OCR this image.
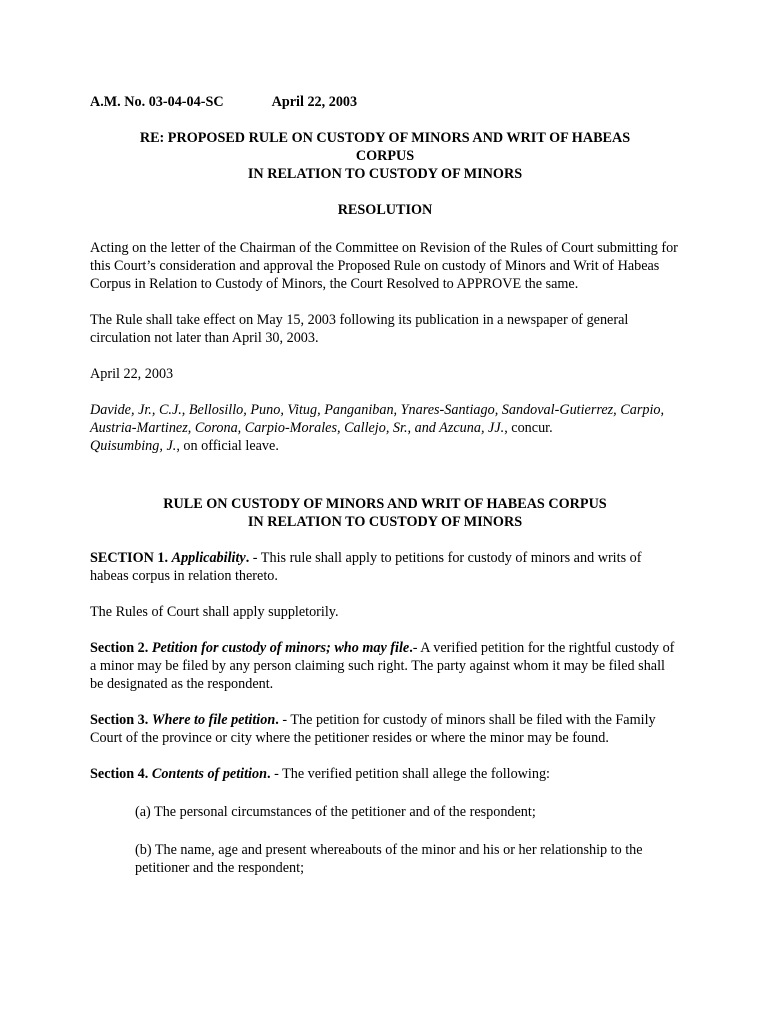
A.M. No. 03-04-04-SC	April 22, 2003

RE: PROPOSED RULE ON CUSTODY OF MINORS AND WRIT OF HABEAS

CORPUS

IN RELATION TO CUSTODY OF MINORS

RESOLUTION

Acting on the letter of the Chairman of the Committee on Revision of the Rules of Court submitting for this Court’s consideration and approval the Proposed Rule on custody of Minors and Writ of Habeas Corpus in Relation to Custody of Minors, the Court Resolved to APPROVE the same.

The Rule shall take effect on May 15, 2003 following its publication in a newspaper of general circulation not later than April 30, 2003.

April 22, 2003

Davide, Jr., C.J., Bellosillo, Puno, Vitug, Panganiban, Ynares-Santiago, Sandoval-Gutierrez, Carpio, Austria-Martinez, Corona, Carpio-Morales, Callejo, Sr., and Azcuna, JJ., concur.
Quisumbing, J., on official leave.

RULE ON CUSTODY OF MINORS AND WRIT OF HABEAS CORPUS

IN RELATION TO CUSTODY OF MINORS

SECTION 1. Applicability. - This rule shall apply to petitions for custody of minors and writs of habeas corpus in relation thereto.

The Rules of Court shall apply suppletorily.

Section 2. Petition for custody of minors; who may file.- A verified petition for the rightful custody of a minor may be filed by any person claiming such right. The party against whom it may be filed shall be designated as the respondent.

Section 3. Where to file petition. - The petition for custody of minors shall be filed with the Family Court of the province or city where the petitioner resides or where the minor may be found.

Section 4. Contents of petition. - The verified petition shall allege the following:

(a) The personal circumstances of the petitioner and of the respondent;

(b) The name, age and present whereabouts of the minor and his or her relationship to the petitioner and the respondent;
